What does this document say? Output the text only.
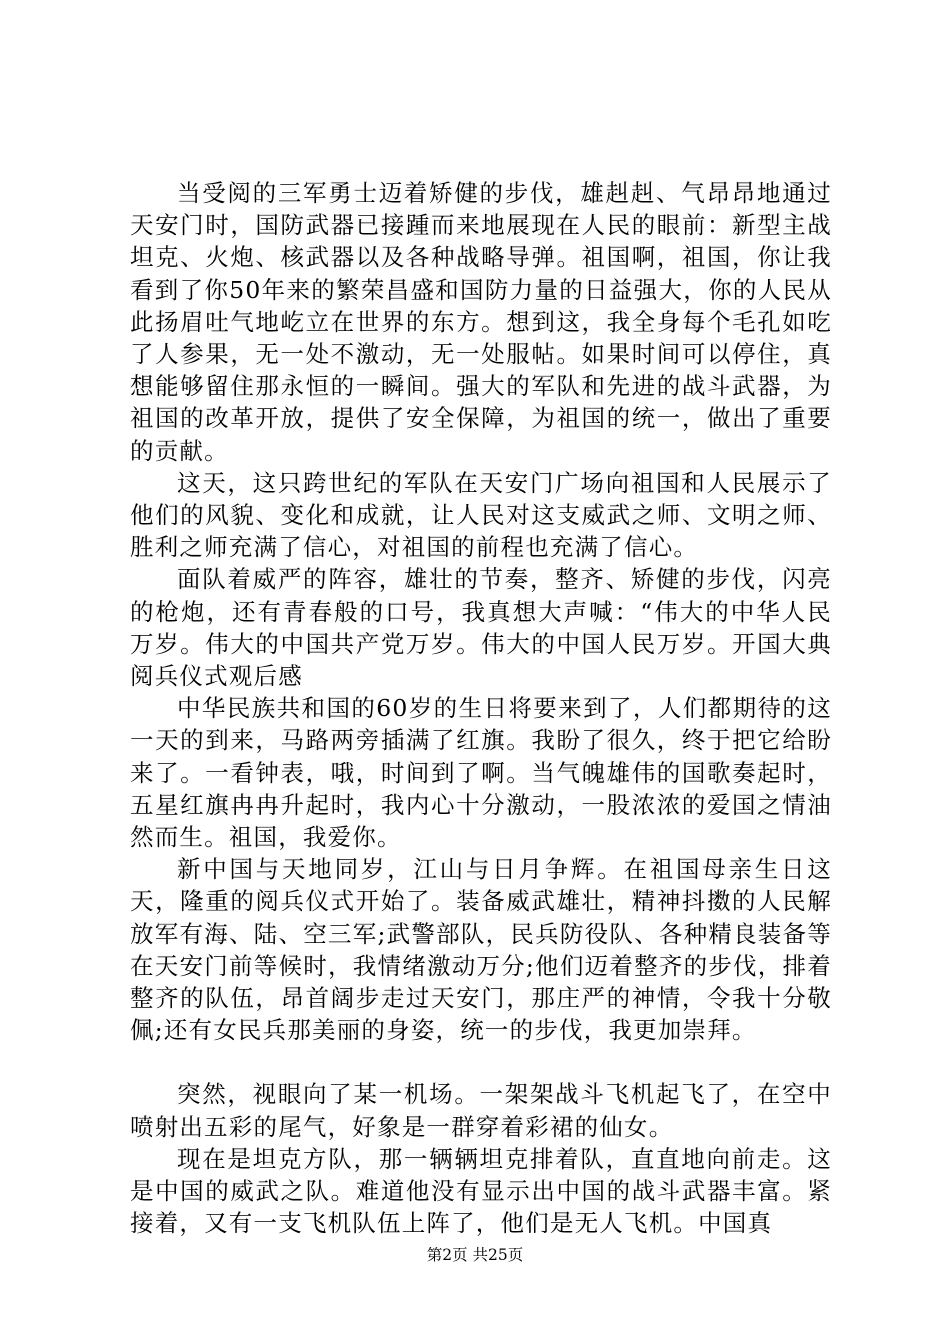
当受阅的三军勇士迈着矫健的步伐，雄赳赳、气昂昂地通过天安门时，国防武器已接踵而来地展现在人民的眼前：新型主战坦克、火炮、核武器以及各种战略导弹。祖国啊，祖国，你让我看到了你50年来的繁荣昌盛和国防力量的日益强大，你的人民从此扬眉吐气地屹立在世界的东方。想到这，我全身每个毛孔如吃了人参果，无一处不激动，无一处服帖。如果时间可以停住，真想能够留住那永恒的一瞬间。强大的军队和先进的战斗武器，为祖国的改革开放，提供了安全保障，为祖国的统一，做出了重要的贡献。

这天，这只跨世纪的军队在天安门广场向祖国和人民展示了他们的风貌、变化和成就，让人民对这支威武之师、文明之师、胜利之师充满了信心，对祖国的前程也充满了信心。

面队着威严的阵容，雄壮的节奏，整齐、矫健的步伐，闪亮的枪炮，还有青春般的口号，我真想大声喊：“伟大的中华人民万岁。伟大的中国共产党万岁。伟大的中国人民万岁。开国大典阅兵仪式观后感

中华民族共和国的60岁的生日将要来到了，人们都期待的这一天的到来，马路两旁插满了红旗。我盼了很久，终于把它给盼来了。一看钟表，哦，时间到了啊。当气魄雄伟的国歌奏起时，五星红旗冉冉升起时，我内心十分激动，一股浓浓的爱国之情油然而生。祖国，我爱你。

新中国与天地同岁，江山与日月争辉。在祖国母亲生日这天，隆重的阅兵仪式开始了。装备威武雄壮，精神抖擞的人民解放军有海、陆、空三军;武警部队，民兵防役队、各种精良装备等在天安门前等候时，我情绪激动万分;他们迈着整齐的步伐，排着整齐的队伍，昂首阔步走过天安门，那庄严的神情，令我十分敬佩;还有女民兵那美丽的身姿，统一的步伐，我更加崇拜。

突然，视眼向了某一机场。一架架战斗飞机起飞了，在空中喷射出五彩的尾气，好象是一群穿着彩裙的仙女。

现在是坦克方队，那一辆辆坦克排着队，直直地向前走。这是中国的威武之队。难道他没有显示出中国的战斗武器丰富。紧接着，又有一支飞机队伍上阵了，他们是无人飞机。中国真

第2页 共25页
